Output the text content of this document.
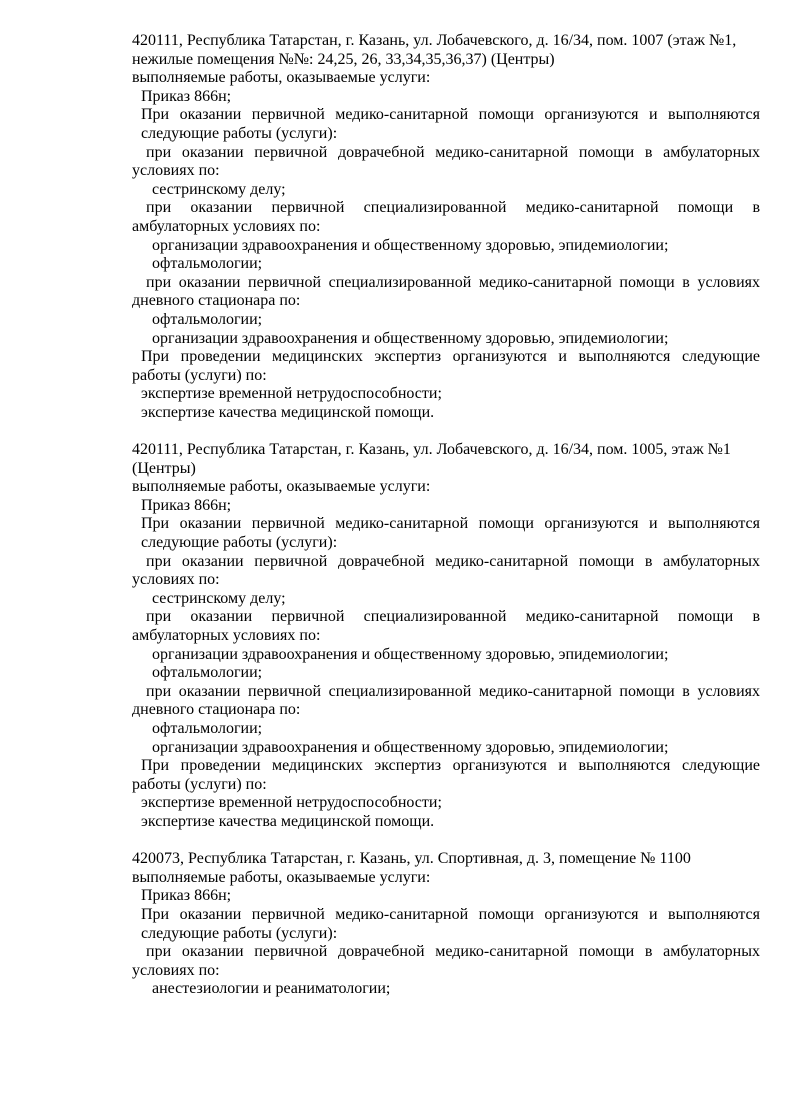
420111, Республика Татарстан, г. Казань, ул. Лобачевского, д. 16/34, пом. 1007 (этаж №1,
нежилые помещения №№: 24,25, 26, 33,34,35,36,37) (Центры)
выполняемые работы, оказываемые услуги:
Приказ 866н;
При оказании первичной медико-санитарной помощи организуются и выполняются
следующие работы (услуги):
при оказании первичной доврачебной медико-санитарной помощи в амбулаторных
условиях по:
сестринскому делу;
при оказании первичной специализированной медико-санитарной помощи в
амбулаторных условиях по:
организации здравоохранения и общественному здоровью, эпидемиологии;
офтальмологии;
при оказании первичной специализированной медико-санитарной помощи в условиях
дневного стационара по:
офтальмологии;
организации здравоохранения и общественному здоровью, эпидемиологии;
При проведении медицинских экспертиз организуются и выполняются следующие
работы (услуги) по:
экспертизе временной нетрудоспособности;
экспертизе качества медицинской помощи.
420111, Республика Татарстан, г. Казань, ул. Лобачевского, д. 16/34, пом. 1005, этаж №1
(Центры)
выполняемые работы, оказываемые услуги:
Приказ 866н;
При оказании первичной медико-санитарной помощи организуются и выполняются
следующие работы (услуги):
при оказании первичной доврачебной медико-санитарной помощи в амбулаторных
условиях по:
сестринскому делу;
при оказании первичной специализированной медико-санитарной помощи в
амбулаторных условиях по:
организации здравоохранения и общественному здоровью, эпидемиологии;
офтальмологии;
при оказании первичной специализированной медико-санитарной помощи в условиях
дневного стационара по:
офтальмологии;
организации здравоохранения и общественному здоровью, эпидемиологии;
При проведении медицинских экспертиз организуются и выполняются следующие
работы (услуги) по:
экспертизе временной нетрудоспособности;
экспертизе качества медицинской помощи.
420073, Республика Татарстан, г. Казань, ул. Спортивная, д. 3, помещение № 1100
выполняемые работы, оказываемые услуги:
Приказ 866н;
При оказании первичной медико-санитарной помощи организуются и выполняются
следующие работы (услуги):
при оказании первичной доврачебной медико-санитарной помощи в амбулаторных
условиях по:
анестезиологии и реаниматологии;
